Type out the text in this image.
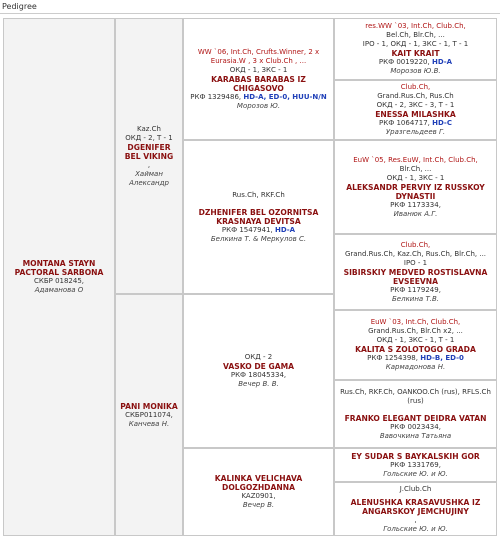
Pedigree
MONTANA STAYN PACTORAL SARBONA
СКБР 018245,
Адаманова О
Kaz.Ch
ОКД - 2, Т - 1
DGENIFER BEL VIKING
,
Хайман Александр
PANI MONIKA
СКБР011074,
Канчева Н.
WW `06, Int.Ch, Crufts.Winner, 2 x Eurasia.W , 3 x Club.Ch , ...
ОКД - 1, ЗКС - 1
KARABAS BARABAS IZ CHIGASOVO
РКФ 1329486, HD-A, ED-0, HUU-N/N
Морозов Ю.
Rus.Ch, RKF.Ch
DZHENIFER BEL OZORNITSA KRASNAYA DEVITSA
РКФ 1547941, HD-A
Белкина Т. & Меркулов С.
ОКД - 2
VASKO DE GAMA
РКФ 18045334,
Вечер В. В.
KALINKA VELICHAVA DOLGOZHDANNA
KAZ0901,
Вечер В.
res.WW `03, Int.Ch, Club.Ch,
Bel.Ch, Blr.Ch, ...
IPO - 1, ОКД - 1, ЗКС - 1, Т - 1
KAIT KRAIT
РКФ 0019220, HD-A
Морозов Ю.В.
Club.Ch,
Grand.Rus.Ch, Rus.Ch
ОКД - 2, ЗКС - 3, Т - 1
ENESSA MILASHKA
РКФ 1064717, HD-C
Уразгельдеев Г.
EuW `05, Res.EuW, Int.Ch, Club.Ch,
Blr.Ch, ...
ОКД - 1, ЗКС - 1
ALEKSANDR PERVIY IZ RUSSKOY DYNASTII
РКФ 1173334,
Иванюк А.Г.
Club.Ch,
Grand.Rus.Ch, Kaz.Ch, Rus.Ch, Blr.Ch, ...
IPO - 1
SIBIRSKIY MEDVED ROSTISLAVNA EVSEEVNA
РКФ 1179249,
Белкина Т.В.
EuW `03, Int.Ch, Club.Ch,
Grand.Rus.Ch, Blr.Ch x2, ...
ОКД - 1, ЗКС - 1, Т - 1
KALITA S ZOLOTOGO GRADA
РКФ 1254398, HD-B, ED-0
Кармадонова Н.
Rus.Ch, RKF.Ch, OANKOO.Ch (rus), RFLS.Ch (rus)
FRANKO ELEGANT DEIDRA VATAN
РКФ 0023434,
Вавочкина Татьяна
EY SUDAR S BAYKALSKIH GOR
РКФ 1331769,
Гольские Ю. и Ю.
J.Club.Ch
ALENUSHKA KRASAVUSHKA IZ ANGARSKOY JEMCHUJINY
,
Гольские Ю. и Ю.
